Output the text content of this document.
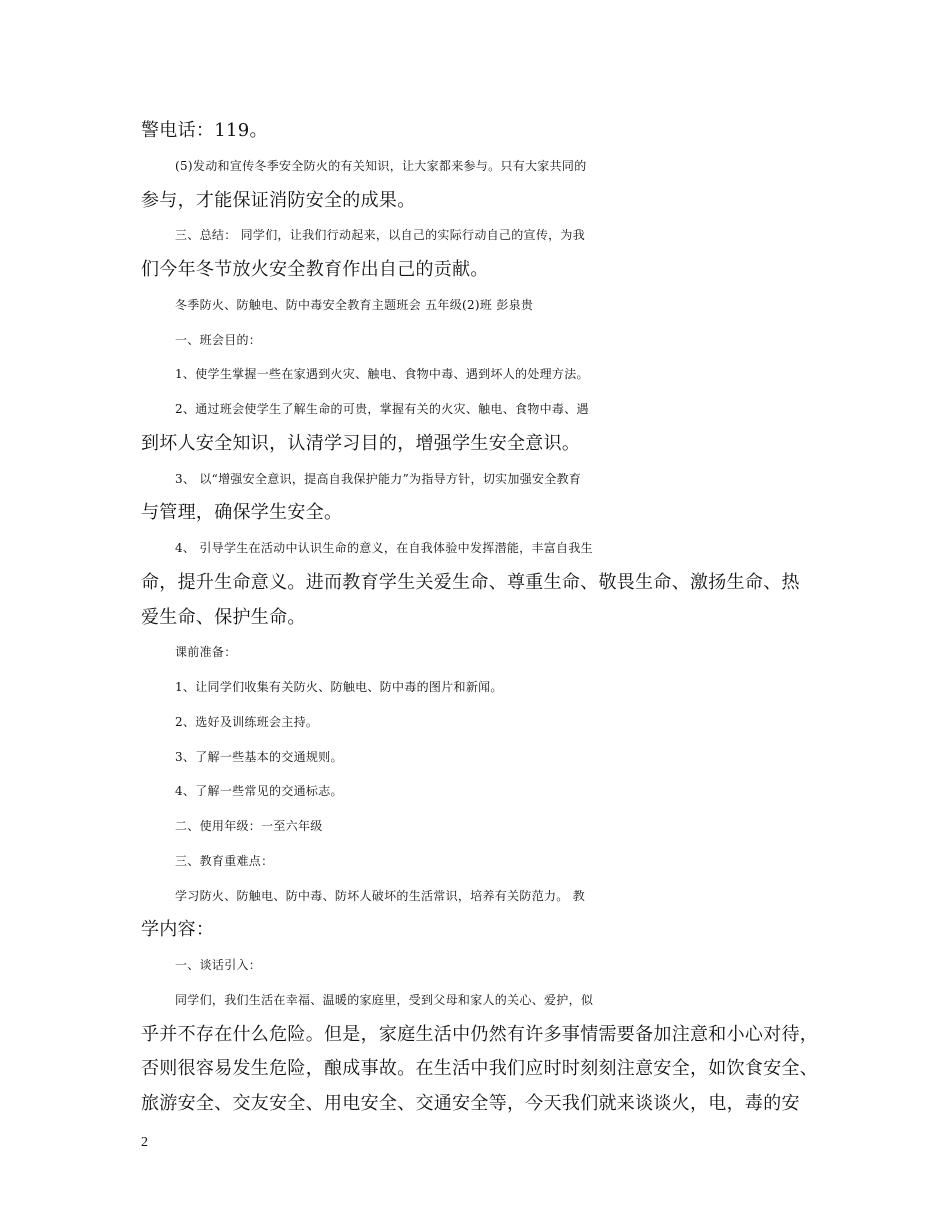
警电话：119。
(5)发动和宣传冬季安全防火的有关知识，让大家都来参与。只有大家共同的
参与，才能保证消防安全的成果。
三、总结： 同学们，让我们行动起来，以自己的实际行动自己的宣传，为我
们今年冬节放火安全教育作出自己的贡献。
冬季防火、防触电、防中毒安全教育主题班会 五年级(2)班 彭泉贵
一、班会目的：
1、使学生掌握一些在家遇到火灾、触电、食物中毒、遇到坏人的处理方法。
2、通过班会使学生了解生命的可贵，掌握有关的火灾、触电、食物中毒、遇
到坏人安全知识，认清学习目的，增强学生安全意识。
3、 以“增强安全意识，提高自我保护能力”为指导方针，切实加强安全教育
与管理，确保学生安全。
4、 引导学生在活动中认识生命的意义，在自我体验中发挥潜能，丰富自我生
命，提升生命意义。进而教育学生关爱生命、尊重生命、敬畏生命、激扬生命、热
爱生命、保护生命。
课前准备：
1、让同学们收集有关防火、防触电、防中毒的图片和新闻。
2、选好及训练班会主持。
3、了解一些基本的交通规则。
4、了解一些常见的交通标志。
二、使用年级：一至六年级
三、教育重难点：
学习防火、防触电、防中毒、防坏人破坏的生活常识，培养有关防范力。 教
学内容：
一、谈话引入：
同学们，我们生活在幸福、温暖的家庭里，受到父母和家人的关心、爱护，似
乎并不存在什么危险。但是，家庭生活中仍然有许多事情需要备加注意和小心对待，
否则很容易发生危险，酿成事故。在生活中我们应时时刻刻注意安全，如饮食安全、
旅游安全、交友安全、用电安全、交通安全等，今天我们就来谈谈火，电，毒的安
2
